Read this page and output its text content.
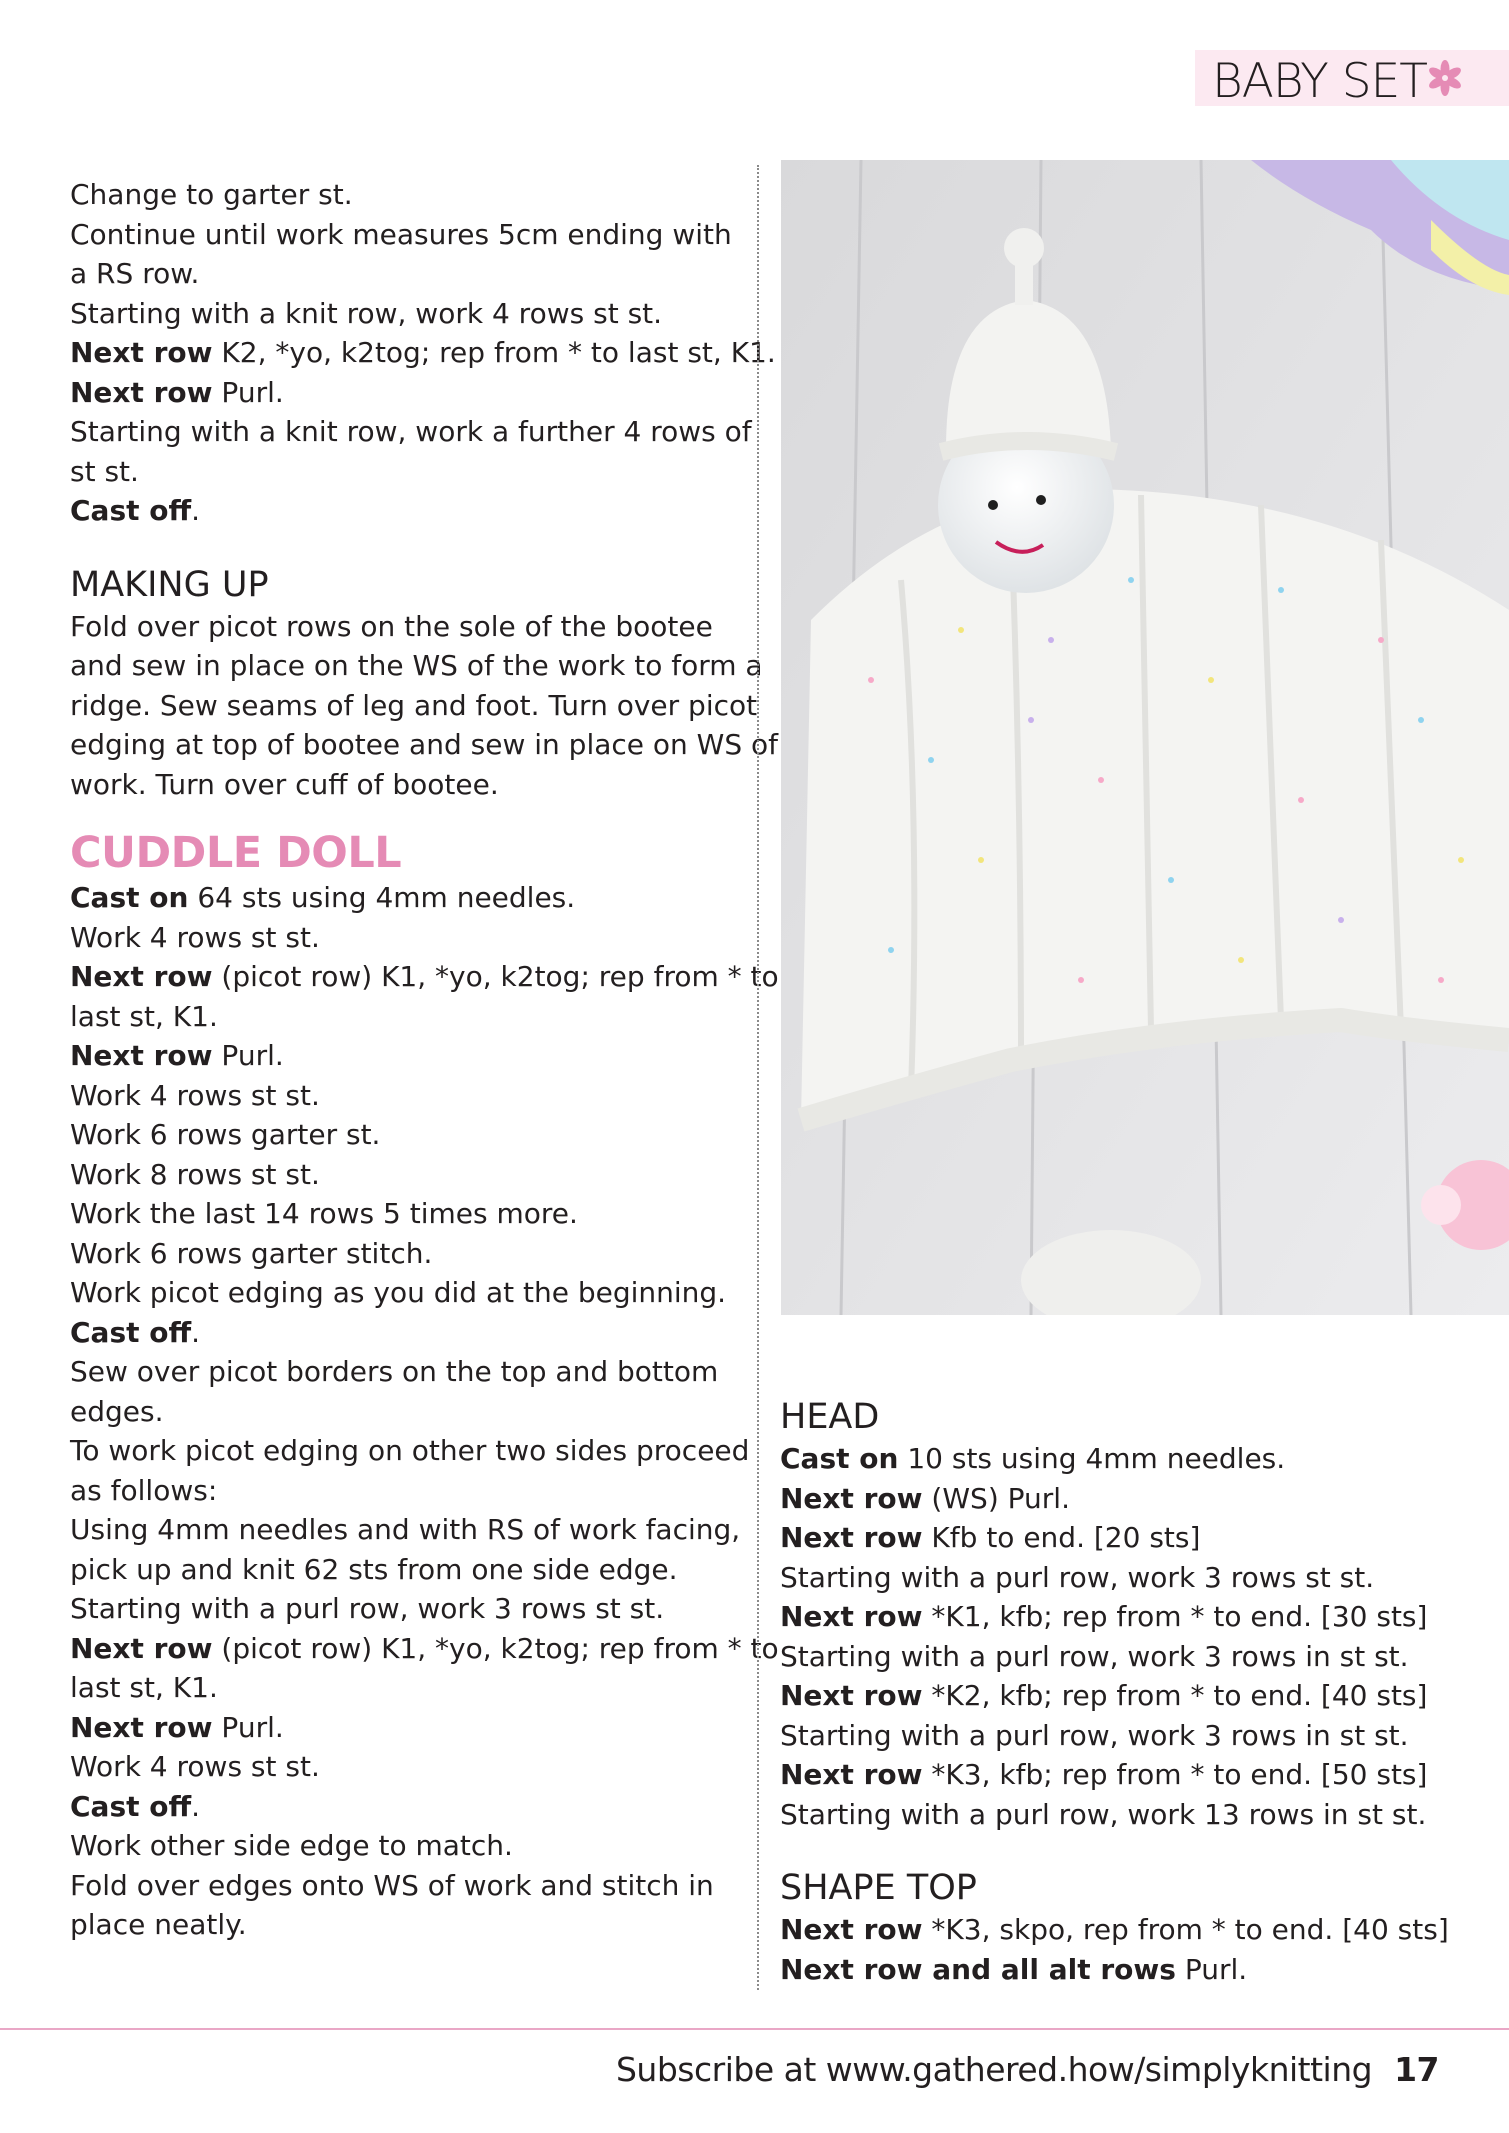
BABY SET

Change to garter st.

Continue until work measures 5cm ending with

a RS row.

Starting with a knit row, work 4 rows st st.

Next row K2, *yo, k2tog; rep from * to last st, K1.

Next row Purl.

Starting with a knit row, work a further 4 rows of

st st.

Cast off.

MAKING UP

Fold over picot rows on the sole of the bootee

and sew in place on the WS of the work to form a

ridge. Sew seams of leg and foot. Turn over picot

edging at top of bootee and sew in place on WS of

work. Turn over cuff of bootee.

CUDDLE DOLL

Cast on 64 sts using 4mm needles.

Work 4 rows st st.

Next row (picot row) K1, *yo, k2tog; rep from * to

last st, K1.

Next row Purl.

Work 4 rows st st.

Work 6 rows garter st.

Work 8 rows st st.

Work the last 14 rows 5 times more.

Work 6 rows garter stitch.

Work picot edging as you did at the beginning.

Cast off.

Sew over picot borders on the top and bottom

edges.

To work picot edging on other two sides proceed

as follows:

Using 4mm needles and with RS of work facing,

pick up and knit 62 sts from one side edge.

Starting with a purl row, work 3 rows st st.

Next row (picot row) K1, *yo, k2tog; rep from * to

last st, K1.

Next row Purl.

Work 4 rows st st.

Cast off.

Work other side edge to match.

Fold over edges onto WS of work and stitch in

place neatly.

HEAD

Cast on 10 sts using 4mm needles.

Next row (WS) Purl.

Next row Kfb to end. [20 sts]

Starting with a purl row, work 3 rows st st.

Next row *K1, kfb; rep from * to end. [30 sts]

Starting with a purl row, work 3 rows in st st.

Next row *K2, kfb; rep from * to end. [40 sts]

Starting with a purl row, work 3 rows in st st.

Next row *K3, kfb; rep from * to end. [50 sts]

Starting with a purl row, work 13 rows in st st.

SHAPE TOP

Next row *K3, skpo, rep from * to end. [40 sts]

Next row and all alt rows Purl.

Subscribe at www.gathered.how/simplyknitting 17
